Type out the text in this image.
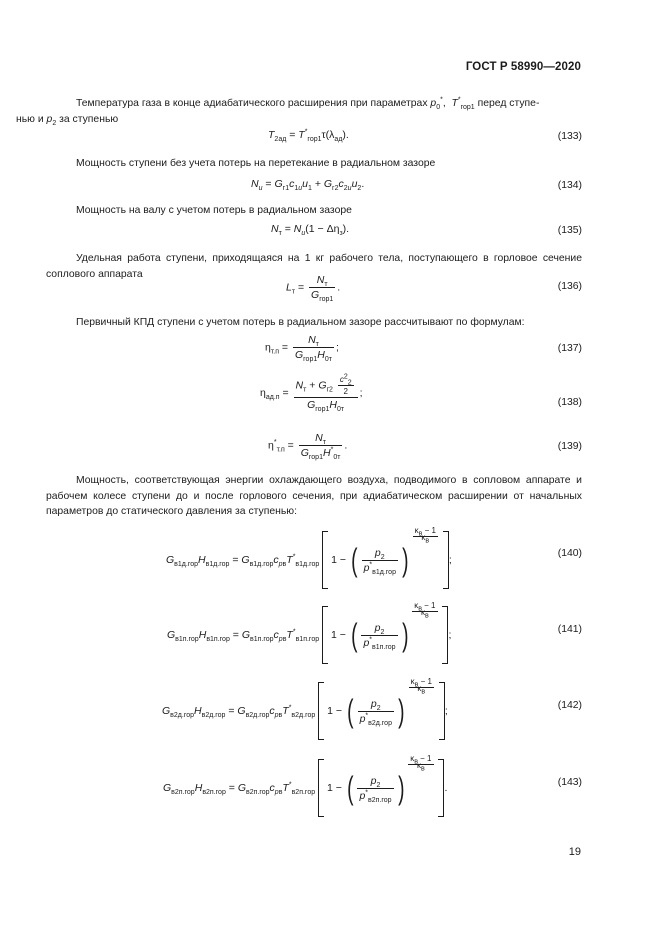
ГОСТ Р 58990—2020
Температура газа в конце адиабатического расширения при параметрах $p_0^*$,  $T^*_{гор1}$ перед ступе-
нью и $p_2$ за ступенью
$T_{2ад} = T^*_{гор1}\tau(\lambda_{ад})$.	(133)
Мощность ступени без учета потерь на перетекание в радиальном зазоре
$N_u = G_{г1}c_{1u}u_1 + G_{г2}c_{2u}u_2$.	(134)
Мощность на валу с учетом потерь в радиальном зазоре
$N_т = N_u(1 - \Delta\eta_з)$.	(135)
Удельная работа ступени, приходящаяся на 1 кг рабочего тела, поступающего в горловое сечение соплового аппарата
$L_т = \frac{N_т}{G_{гор1}}$ .	(136)
Первичный КПД ступени с учетом потерь в радиальном зазоре рассчитывают по формулам:
$\eta_{т.п} = \frac{N_т}{G_{гор1}H_{0т}}$ ;	(137)
$\eta_{ад.п} = \frac{N_т + G_{г2} \frac{c^2_2}{2}}{G_{гор1}H_{0т}}$ ;
(138)
$\eta^*_{т.п} = \frac{N_т}{G_{гор1}H^*_{0т}}$ .	(139)
Мощность, соответствующая энергии охлаждающего воздуха, подводимого в сопловом аппарате и рабочем колесе ступени до и после горлового сечения, при адиабатическом расширении от начальных параметров до статического давления за ступенью:
$G_{в1д.гор}H_{в1д.гор} = G_{в1д.гор}c_{pв}T^*_{в1д.гор}$  1 − ( $\frac{p_2}{p^*_{в1д.гор}}$ )
$^{\frac{\kappa_в - 1}{\kappa_в}}$
;
(140)
$G_{в1п.гор}H_{в1п.гор} = G_{в1п.гор}c_{pв}T^*_{в1п.гор}$  1 − ( $\frac{p_2}{p^*_{в1п.гор}}$ )
$^{\frac{\kappa_в - 1}{\kappa_в}}$
;	(141)
$G_{в2д.гор}H_{в2д.гор} = G_{в2д.гор}c_{pв}T^*_{в2д.гор}$  1 − ( $\frac{p_2}{p^*_{в2д.гор}}$ )
$^{\frac{\kappa_в - 1}{\kappa_в}}$
;	(142)
$G_{в2п.гор}H_{в2п.гор} = G_{в2п.гор}c_{pв}T^*_{в2п.гор}$  1 − ( $\frac{p_2}{p^*_{в2п.гор}}$ )
$^{\frac{\kappa_в - 1}{\kappa_в}}$
.	(143)
19
